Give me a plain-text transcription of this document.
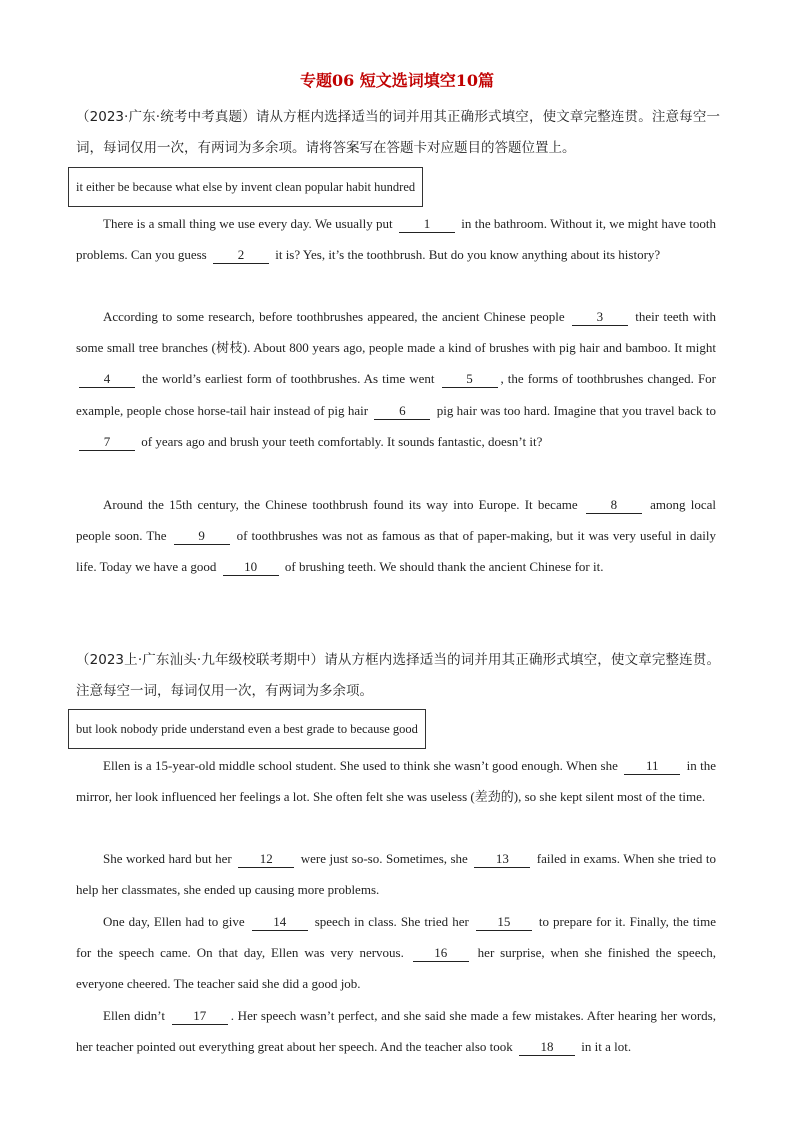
专题06 短文选词填空10篇
（2023·广东·统考中考真题）请从方框内选择适当的词并用其正确形式填空，使文章完整连贯。注意每空一词，每词仅用一次，有两词为多余项。请将答案写在答题卡对应题目的答题位置上。
it either be because what else by invent clean popular habit hundred
There is a small thing we use every day. We usually put 1 in the bathroom. Without it, we might have tooth problems. Can you guess 2 it is? Yes, it’s the toothbrush. But do you know anything about its history?
According to some research, before toothbrushes appeared, the ancient Chinese people 3 their teeth with some small tree branches (树枝). About 800 years ago, people made a kind of brushes with pig hair and bamboo. It might 4 the world’s earliest form of toothbrushes. As time went 5 , the forms of toothbrushes changed. For example, people chose horse-tail hair instead of pig hair 6 pig hair was too hard. Imagine that you travel back to 7 of years ago and brush your teeth comfortably. It sounds fantastic, doesn’t it?
Around the 15th century, the Chinese toothbrush found its way into Europe. It became 8 among local people soon. The 9 of toothbrushes was not as famous as that of paper-making, but it was very useful in daily life. Today we have a good 10 of brushing teeth. We should thank the ancient Chinese for it.
（2023上·广东汕头·九年级校联考期中）请从方框内选择适当的词并用其正确形式填空，使文章完整连贯。注意每空一词，每词仅用一次，有两词为多余项。
but look nobody pride understand even a best grade to because good
Ellen is a 15-year-old middle school student. She used to think she wasn’t good enough. When she 11 in the mirror, her look influenced her feelings a lot. She often felt she was useless (差劲的), so she kept silent most of the time.
She worked hard but her 12 were just so-so. Sometimes, she 13 failed in exams. When she tried to help her classmates, she ended up causing more problems.
One day, Ellen had to give 14 speech in class. She tried her 15 to prepare for it. Finally, the time for the speech came. On that day, Ellen was very nervous. 16 her surprise, when she finished the speech, everyone cheered. The teacher said she did a good job.
Ellen didn’t 17 . Her speech wasn’t perfect, and she said she made a few mistakes. After hearing her words, her teacher pointed out everything great about her speech. And the teacher also took 18 in it a lot.
